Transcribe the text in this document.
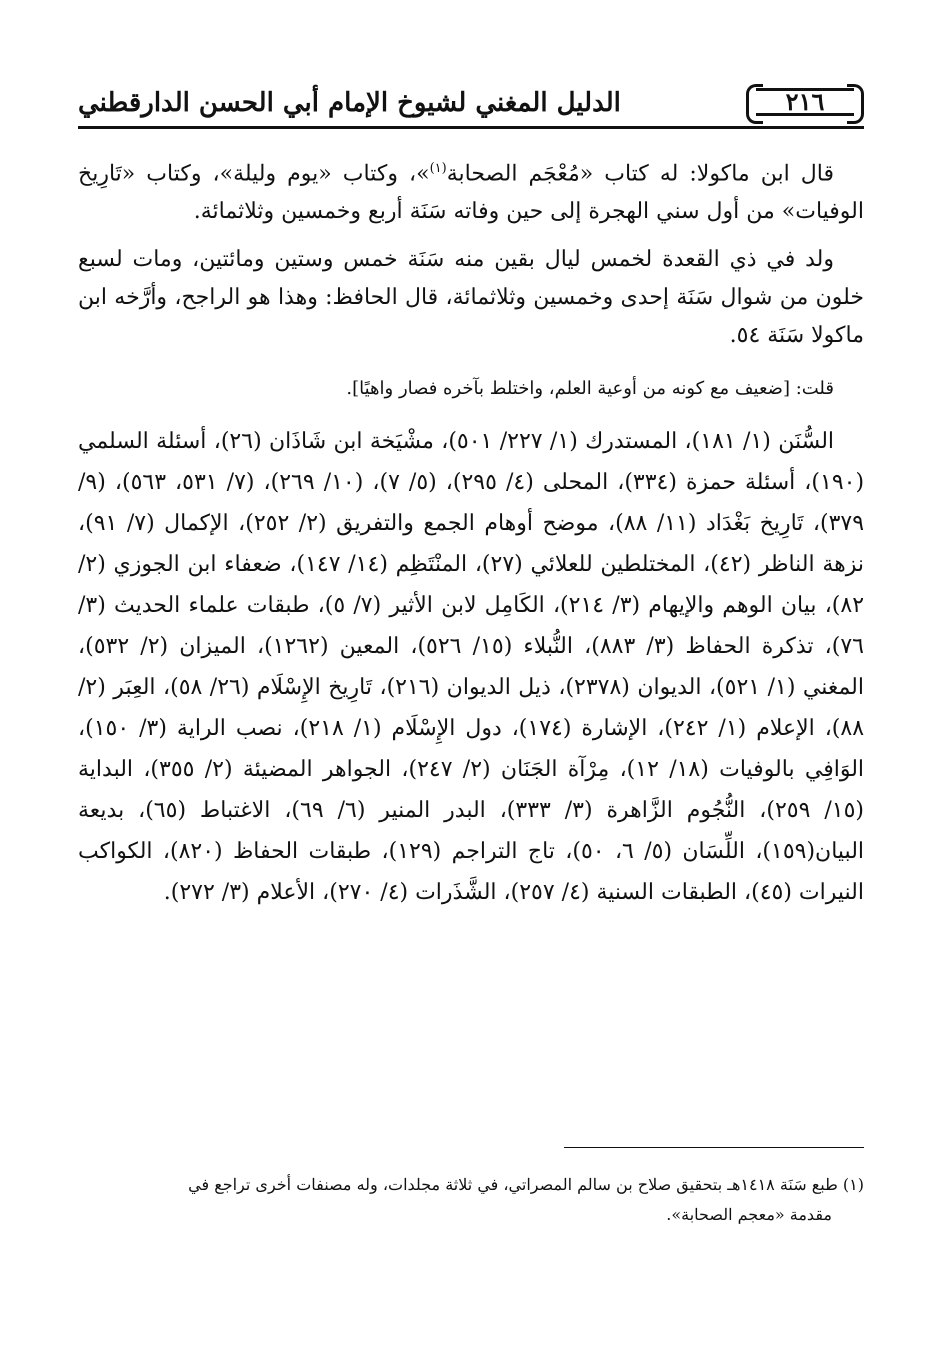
الدليل المغني لشيوخ الإمام أبي الحسن الدارقطني	٢١٦

قال ابن ماكولا: له كتاب «مُعْجَم الصحابة$^{(١)}$»، وكتاب «يوم وليلة»، وكتاب «تَارِيخ الوفيات» من أول سني الهجرة إلى حين وفاته سَنَة أربع وخمسين وثلاثمائة.

ولد في ذي القعدة لخمس ليال بقين منه سَنَة خمس وستين ومائتين، ومات لسبع خلون من شوال سَنَة إحدى وخمسين وثلاثمائة، قال الحافظ: وهذا هو الراجح، وأرَّخه ابن ماكولا سَنَة ٥٤.

قلت: [ضعيف مع كونه من أوعية العلم، واختلط بآخره فصار واهيًا].

السُّنَن (١/ ١٨١)، المستدرك (١/ ٢٢٧/ ٥٠١)، مشْيَخة ابن شَاذَان (٢٦)، أسئلة السلمي (١٩٠)، أسئلة حمزة (٣٣٤)، المحلى (٤/ ٢٩٥)، (٥/ ٧)، (١٠/ ٢٦٩)، (٧/ ٥٣١، ٥٦٣)، (٩/ ٣٧٩)، تَارِيخ بَغْدَاد (١١/ ٨٨)، موضح أوهام الجمع والتفريق (٢/ ٢٥٢)، الإكمال (٧/ ٩١)، نزهة الناظر (٤٢)، المختلطين للعلائي (٢٧)، المنْتَظِم (١٤/ ١٤٧)، ضعفاء ابن الجوزي (٢/ ٨٢)، بيان الوهم والإيهام (٣/ ٢١٤)، الكَامِل لابن الأثير (٧/ ٥)، طبقات علماء الحديث (٣/ ٧٦)، تذكرة الحفاظ (٣/ ٨٨٣)، النُّبلاء (١٥/ ٥٢٦)، المعين (١٢٦٢)، الميزان (٢/ ٥٣٢)، المغني (١/ ٥٢١)، الديوان (٢٣٧٨)، ذيل الديوان (٢١٦)، تَارِيخ الإِسْلَام (٢٦/ ٥٨)، العِبَر (٢/ ٨٨)، الإعلام (١/ ٢٤٢)، الإشارة (١٧٤)، دول الإِسْلَام (١/ ٢١٨)، نصب الراية (٣/ ١٥٠)، الوَافِي بالوفيات (١٨/ ١٢)، مِرْآة الجَنَان (٢/ ٢٤٧)، الجواهر المضيئة (٢/ ٣٥٥)، البداية (١٥/ ٢٥٩)، النُّجُوم الزَّاهرة (٣/ ٣٣٣)، البدر المنير (٦/ ٦٩)، الاغتباط (٦٥)، بديعة البيان(١٥٩)، اللِّسَان (٥/ ٦، ٥٠)، تاج التراجم (١٢٩)، طبقات الحفاظ (٨٢٠)، الكواكب النيرات (٤٥)، الطبقات السنية (٤/ ٢٥٧)، الشَّذَرات (٤/ ٢٧٠)، الأعلام (٣/ ٢٧٢).

(١) طبع سَنَة ١٤١٨هـ بتحقيق صلاح بن سالم المصراتي، في ثلاثة مجلدات، وله مصنفات أخرى تراجع في
مقدمة «معجم الصحابة».
